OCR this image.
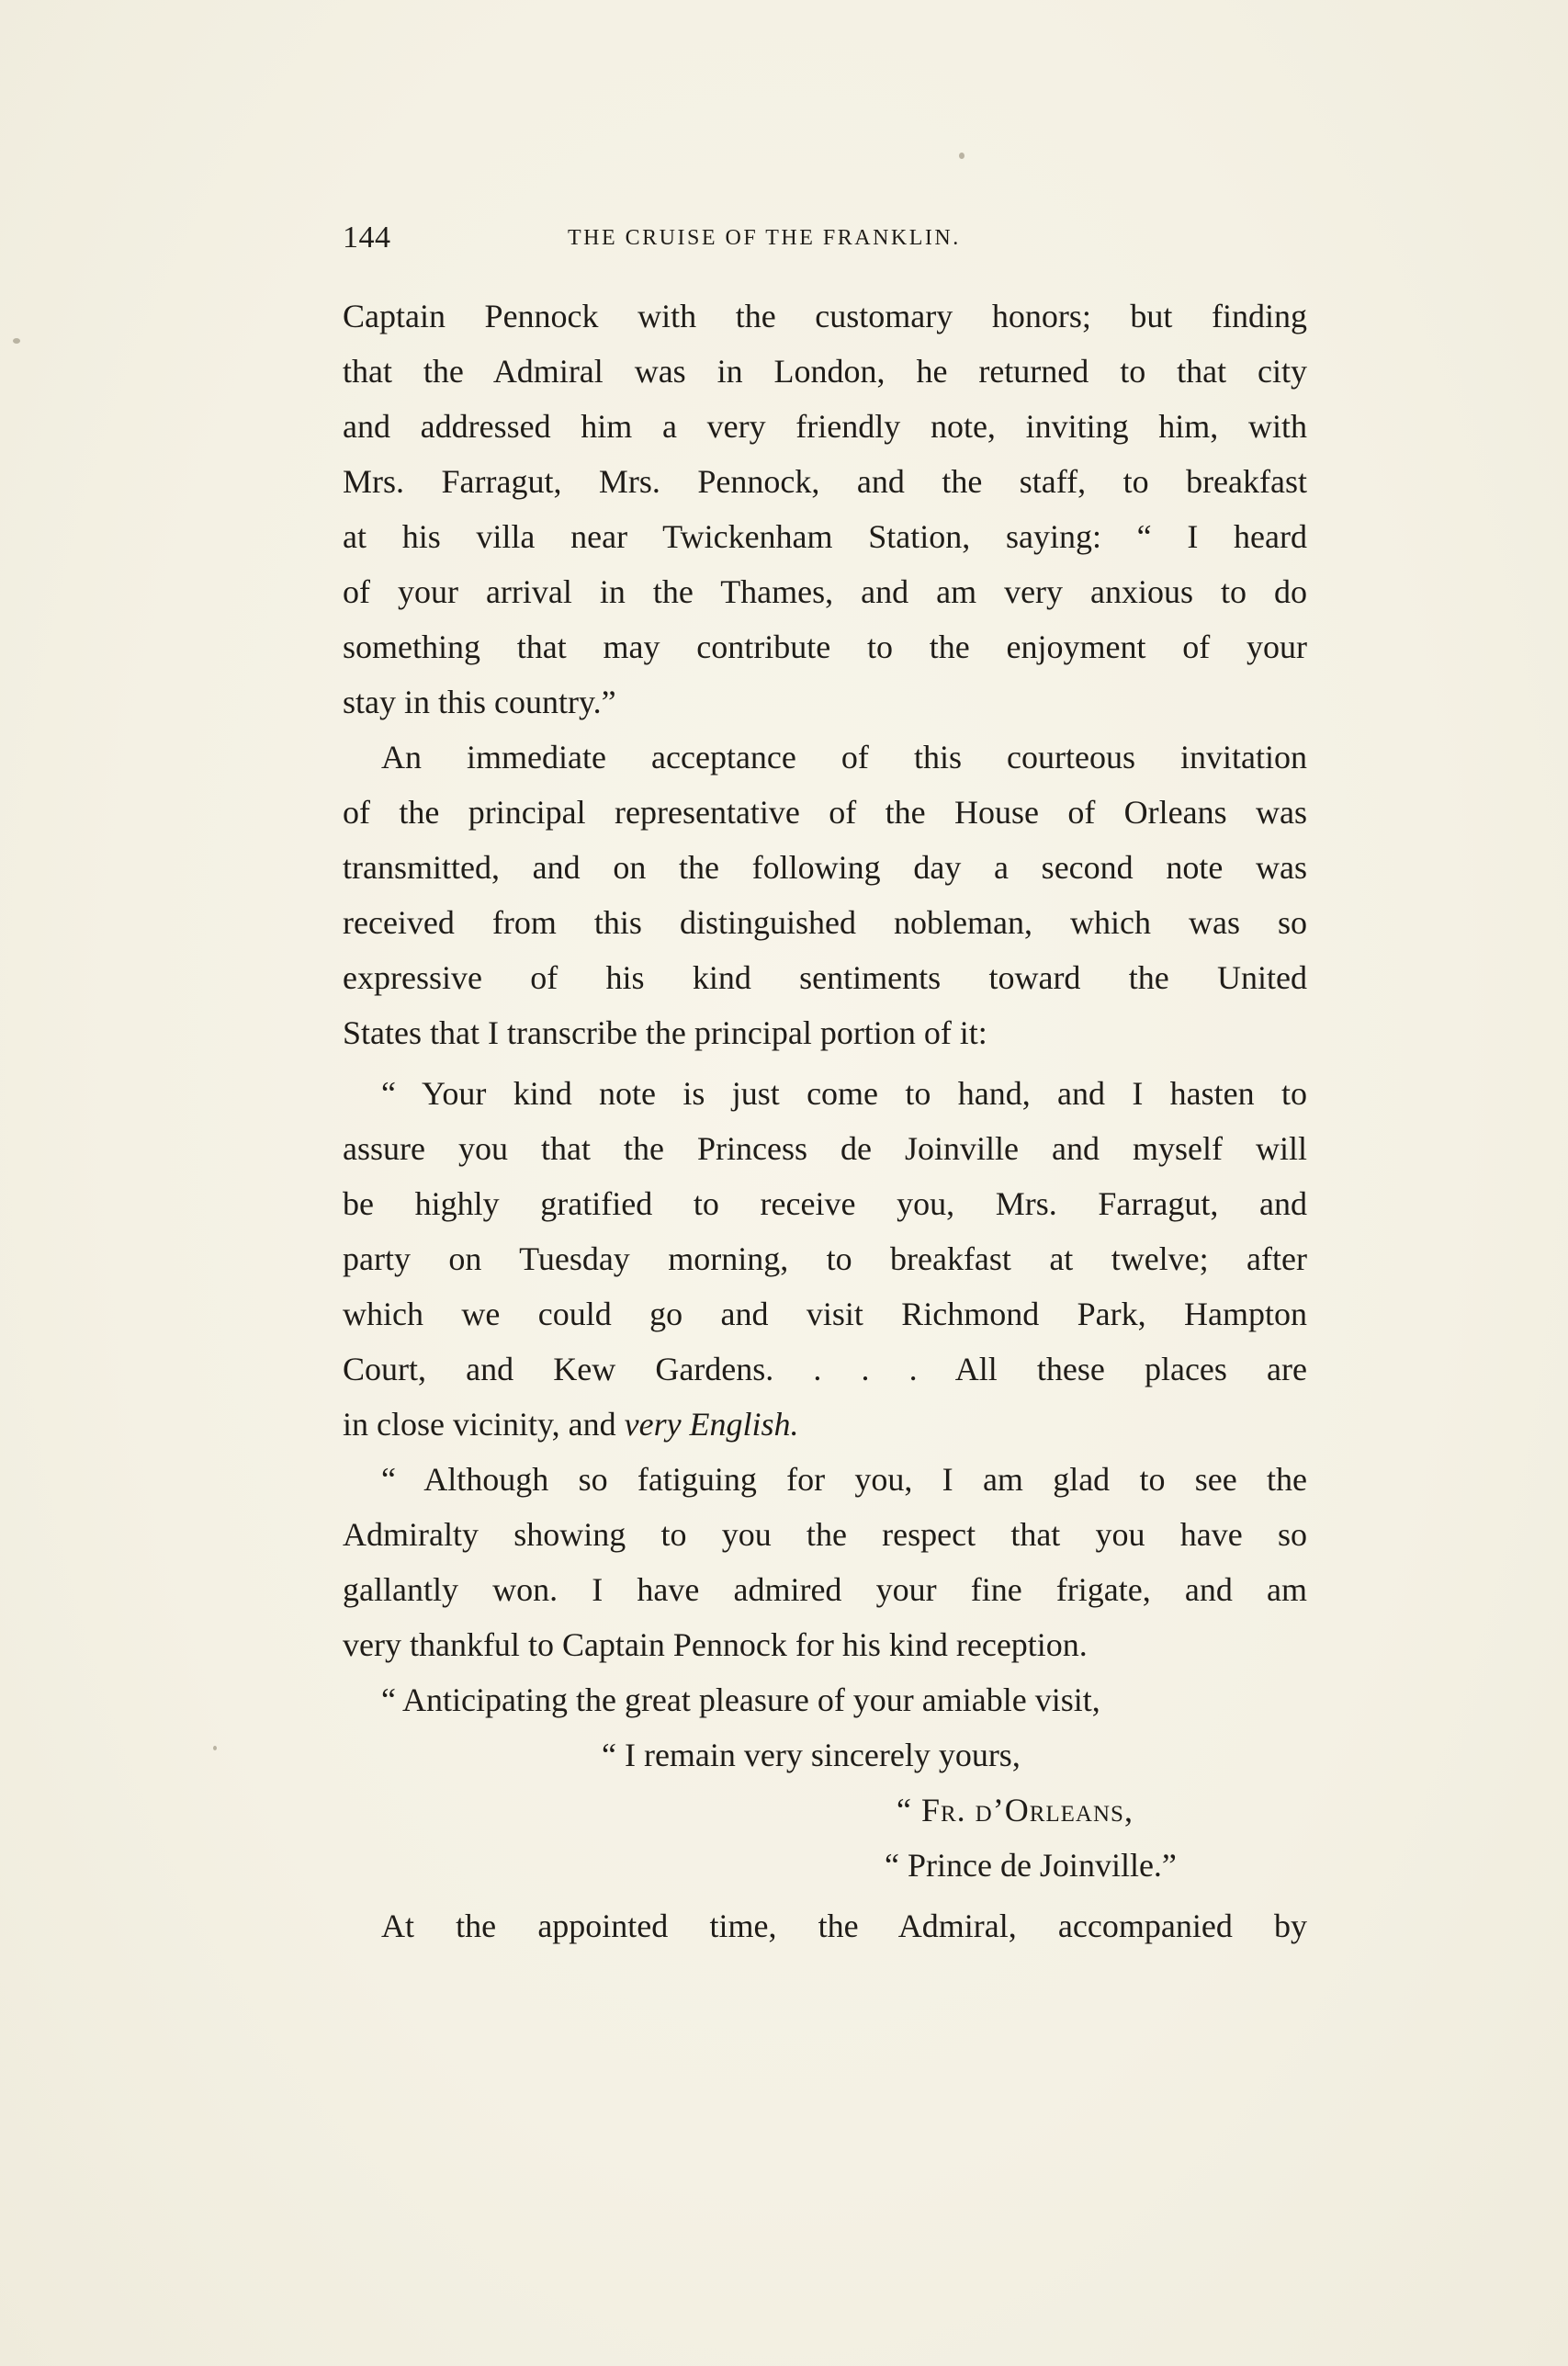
144	THE CRUISE OF THE FRANKLIN.
Captain Pennock with the customary honors; but finding
that the Admiral was in London, he returned to that city
and addressed him a very friendly note, inviting him, with
Mrs. Farragut, Mrs. Pennock, and the staff, to breakfast
at his villa near Twickenham Station, saying: “ I heard
of your arrival in the Thames, and am very anxious to do
something that may contribute to the enjoyment of your
stay in this country.”
An immediate acceptance of this courteous invitation
of the principal representative of the House of Orleans was
transmitted, and on the following day a second note was
received from this distinguished nobleman, which was so
expressive of his kind sentiments toward the United
States that I transcribe the principal portion of it:
“ Your kind note is just come to hand, and I hasten to
assure you that the Princess de Joinville and myself will
be highly gratified to receive you, Mrs. Farragut, and
party on Tuesday morning, to breakfast at twelve; after
which we could go and visit Richmond Park, Hampton
Court, and Kew Gardens. . . . All these places are
in close vicinity, and very English.
“ Although so fatiguing for you, I am glad to see the
Admiralty showing to you the respect that you have so
gallantly won. I have admired your fine frigate, and am
very thankful to Captain Pennock for his kind reception.
“ Anticipating the great pleasure of your amiable visit,
“ I remain very sincerely yours,
“ Fr. d’Orleans,
“ Prince de Joinville.”
At the appointed time, the Admiral, accompanied by
